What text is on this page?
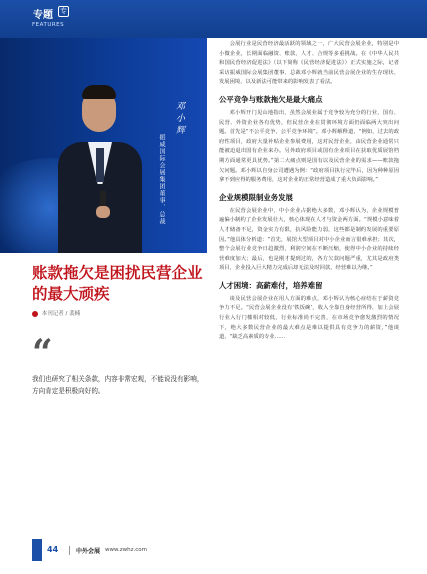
专题 专
FEATURES
邓小辉
振威国际会展集团董事、总裁
账款拖欠是困扰民营企业的最大顽疾
本刊记者 / 裴楠
“
我们也研究了相关条款，内容非常宏观，不能说没有影响，方向肯定是积极向好的。

会展行业是民营经济最活跃的领域之一，广大民营会展企业，特别是中小微企业，长期面临融资、账款、人才、合规等多重挑战。在《中华人民共和国民营经济促进法》（以下简称《民营经济促进法》）正式实施之际，记者采访振威国际会展集团董事、总裁邓小辉就当前民营会展企业的生存现状、发展困境，以及新法可能带来的影响发表了看法。

公平竞争与账款拖欠是最大痛点

邓小辉开门见山地指出，虽然会展业属于竞争较为充分的行业，国有、民营、外资企业各有优势，但民营企业在贯彻环境方面仍面临两大突出问题。首先是“不公平竞争，公平竞争环境”。邓小辉解释道，“例如，过去的政府性项目，政府大量补贴企业参展费用，这对民营企业，由民营企业通常只能被迫退出国有企业来办。另外政府项目或国有企业项目在获取优质展馆档期方面通常更具优势。”第二大痛点则是国有以及民营企业的需求——账款拖欠问题。邓小辉以自身公司遭遇为例：“政府项目执行完毕后，因为种种原因拿不到应得的服务费用，这对企业的正常经营造成了重大负面影响。”

企业规模限制业务发展

在民营会展企业中，中小企业占据绝大多数，邓小辉认为，企业规模普遍偏小制约了企业发展壮大，核心体现在人才与资金两方面。“规模小意味着人才储备不足，资金实力有限，抗风险能力弱，这些都是制约发展的重要原因。”他具体分析道：“首先，展馆大型项目对中小企业而言很难承担；其次，整个会展行业竞争日趋激烈，利润空间在不断压缩，使得中小企业的持续经营难度加大；最后，也是刚才提到过的，各方欠款问题严重，尤其是政府类项目，企业投入巨大精力完成后却无法及时回款，经营难以为继。”

人才困境：高薪难付，培养难留

谈及民营会展企业在用人方面的难点，邓小辉认为核心症结在于薪资竞争力不足。“民营会展企业没有‘铁饭碗’，收入全靠自身经营所得，加上会展行业入行门槛相对较低，行业标准尚不完善，在市场竞争愈发激烈的情况下，绝大多数民营企业的最大难点是难以提供具有竞争力的薪资，”他谈道，“缺乏高素质的专业……

44	中外会展 www.zwhz.com
